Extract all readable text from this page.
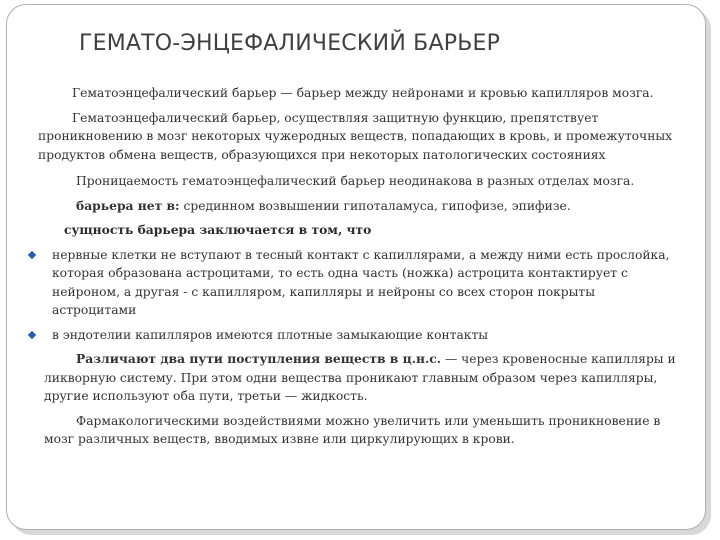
ГЕМАТО-ЭНЦЕФАЛИЧЕСКИЙ БАРЬЕР

Гематоэнцефалический барьер — барьер между нейронами и кровью капилляров мозга.

Гематоэнцефалический барьер, осуществляя защитную функцию, препятствует проникновению в мозг некоторых чужеродных веществ, попадающих в кровь, и промежуточных продуктов обмена веществ, образующихся при некоторых патологических состояниях

Проницаемость гематоэнцефалический барьер неодинакова в разных отделах мозга.

барьера нет в: срединном возвышении гипоталамуса, гипофизе, эпифизе.

сущность барьера заключается в том, что

нервные клетки не вступают в тесный контакт с капиллярами, а между ними есть прослойка, которая образована астроцитами, то есть одна часть (ножка) астроцита контактирует с нейроном, а другая - с капилляром, капилляры и нейроны со всех сторон покрыты астроцитами

в эндотелии капилляров имеются плотные замыкающие контакты

Различают два пути поступления веществ в ц.н.с. — через кровеносные капилляры и ликворную систему. При этом одни вещества проникают главным образом через капилляры, другие используют оба пути, третьи — жидкость.

Фармакологическими воздействиями можно увеличить или уменьшить проникновение в мозг различных веществ, вводимых извне или циркулирующих в крови.
